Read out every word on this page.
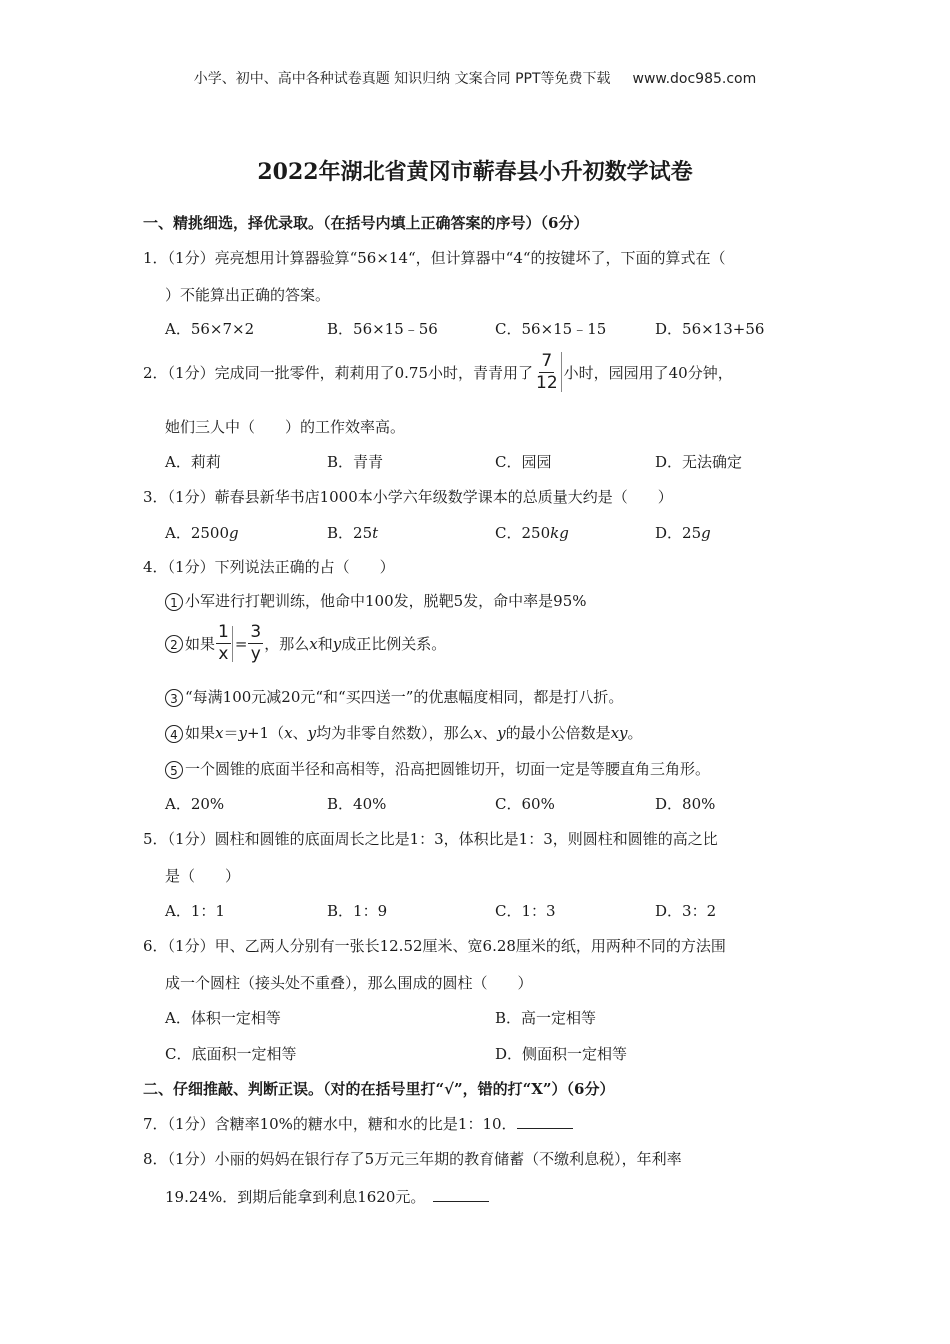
小学、初中、高中各种试卷真题 知识归纳 文案合同 PPT等免费下载 www.doc985.com
2022年湖北省黄冈市蕲春县小升初数学试卷
一、精挑细选，择优录取。（在括号内填上正确答案的序号）（6分）
1．（1分）亮亮想用计算器验算“56×14“，但计算器中“4“的按键坏了，下面的算式在（
）不能算出正确的答案。
A．56×7×2	B．56×15﹣56	C．56×15﹣15	D．56×13+56
2．（1分）完成同一批零件，莉莉用了0.75小时，青青用了 $\frac{7}{12}$ 小时，园园用了40分钟，
她们三人中（　　）的工作效率高。
A．莉莉	B．青青	C．园园	D．无法确定
3．（1分）蕲春县新华书店1000本小学六年级数学课本的总质量大约是（　　）
A．2500g	B．25t	C．250kg	D．25g
4．（1分）下列说法正确的占（　　）
1 小军进行打靶训练，他命中100发，脱靶5发，命中率是95%
2 如果 $\frac{1}{x} = \frac{3}{y}$ ，那么 x 和 y 成正比例关系。
3 “每满100元减20元“和“买四送一”的优惠幅度相同，都是打八折。
4 如果x＝y+1（x、y均为非零自然数），那么x、y的最小公倍数是xy。
5 一个圆锥的底面半径和高相等，沿高把圆锥切开，切面一定是等腰直角三角形。
A．20%	B．40%	C．60%	D．80%
5．（1分）圆柱和圆锥的底面周长之比是1：3，体积比是1：3，则圆柱和圆锥的高之比
是（　　）
A．1：1	B．1：9	C．1：3	D．3：2
6．（1分）甲、乙两人分别有一张长12.52厘米、宽6.28厘米的纸，用两种不同的方法围
成一个圆柱（接头处不重叠），那么围成的圆柱（　　）
A．体积一定相等	B．高一定相等
C．底面积一定相等	D．侧面积一定相等
二、仔细推敲、判断正误。（对的在括号里打“√”，错的打“X”）（6分）
7．（1分）含糖率10%的糖水中，糖和水的比是1：10．
8．（1分）小丽的妈妈在银行存了5万元三年期的教育储蓄（不缴利息税），年利率
19.24%．到期后能拿到利息1620元。
